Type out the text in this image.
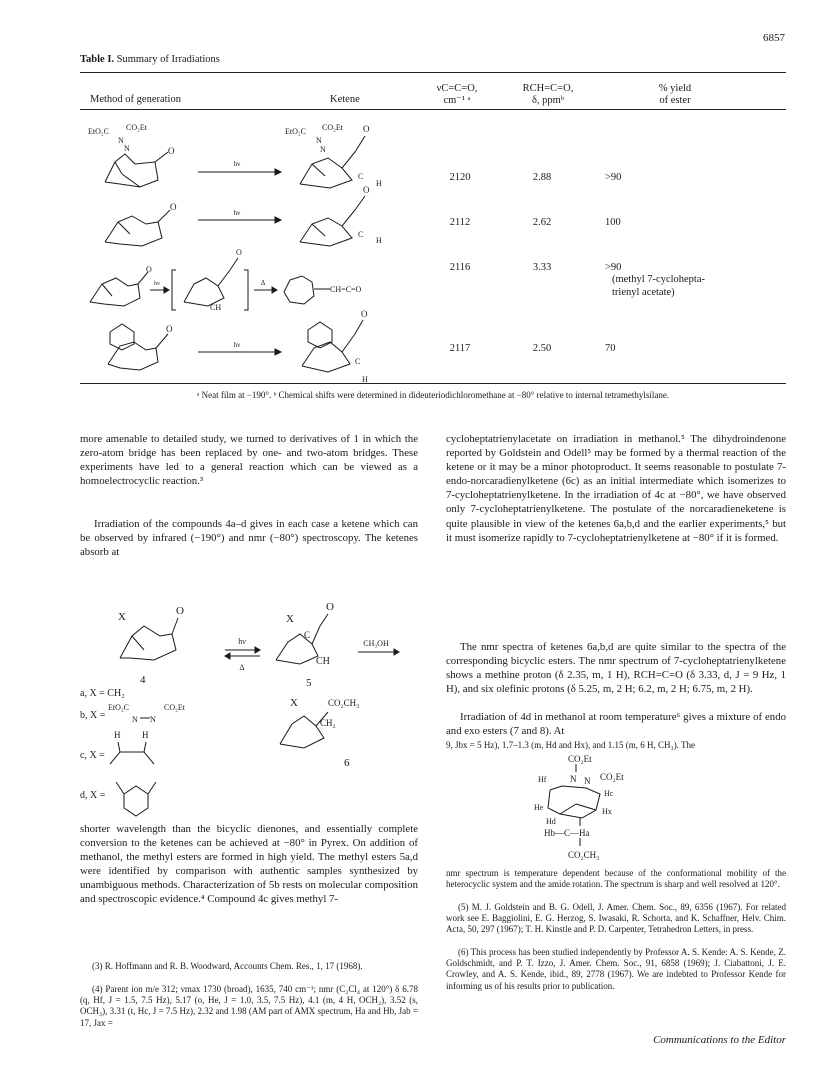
6857
Table I. Summary of Irradiations
Method of generation	Ketene
νC=C=O,
cm⁻¹ ᵃ
RCH=C=O,
δ, ppmᵇ
% yield
of ester
EtO₂C CO₂Et
N
N	O
hν
EtO₂C CO₂Et
N
N
O
C
H
O
hν
O
C
H
O
hν
O
CH
Δ
CH=C=O
O
hν
O
C
H
2120	2.88	>90
2112	2.62	100
2116	3.33	>90
(methyl 7-cyclohepta-
trienyl acetate)
2117	2.50	70
ᵃ Neat film at −190°. ᵇ Chemical shifts were determined in dideuteriodichloromethane at −80° relative to internal tetramethylsilane.
more amenable to detailed study, we turned to derivatives of 1 in which the zero-atom bridge has been replaced by one- and two-atom bridges. These experiments have led to a general reaction which can be viewed as a homoelectrocyclic reaction.³
Irradiation of the compounds 4a–d gives in each case a ketene which can be observed by infrared (−190°) and nmr (−80°) spectroscopy. The ketenes absorb at
X	O
4
hν
Δ
X
O
C
CH
5
CH₃OH
X	CO₂CH₃
CH₂
6
a, X = CH₂
b, X =
EtO₂C
N N
CO₂Et
c, X =
H H
d, X =
shorter wavelength than the bicyclic dienones, and essentially complete conversion to the ketenes can be achieved at −80° in Pyrex. On addition of methanol, the methyl esters are formed in high yield. The methyl esters 5a,d were identified by comparison with authentic samples synthesized by unambiguous methods. Characterization of 5b rests on molecular composition and spectroscopic evidence.⁴ Compound 4c gives methyl 7-
(3) R. Hoffmann and R. B. Woodward, Accounts Chem. Res., 1, 17 (1968).
(4) Parent ion m/e 312; νmax 1730 (broad), 1635, 740 cm⁻¹; nmr (C₂Cl₄ at 120°) δ 6.78 (q, Hf, J = 1.5, 7.5 Hz), 5.17 (o, He, J = 1.0, 3.5, 7.5 Hz), 4.1 (m, 4 H, OCH₂), 3.52 (s, OCH₃), 3.31 (t, Hc, J = 7.5 Hz), 2.32 and 1.98 (AM part of AMX spectrum, Ha and Hb, Jab = 17, Jax =
cycloheptatrienylacetate on irradiation in methanol.⁵ The dihydroindenone reported by Goldstein and Odell⁵ may be formed by a thermal reaction of the ketene or it may be a minor photoproduct. It seems reasonable to postulate 7-endo-norcaradienylketene (6c) as an initial intermediate which isomerizes to 7-cycloheptatrienylketene. In the irradiation of 4c at −80°, we have observed only 7-cycloheptatrienylketene. The postulate of the norcaradieneketene is quite plausible in view of the ketenes 6a,b,d and the earlier experiments,⁵ but it must isomerize rapidly to 7-cycloheptatrienylketene at −80° if it is formed.
The nmr spectra of ketenes 6a,b,d are quite similar to the spectra of the corresponding bicyclic esters. The nmr spectrum of 7-cycloheptatrienylketene shows a methine proton (δ 2.35, m, 1 H), RCH=C=O (δ 3.33, d, J = 9 Hz, 1 H), and six olefinic protons (δ 5.25, m, 2 H; 6.2, m, 2 H; 6.75, m, 2 H).
Irradiation of 4d in methanol at room temperature⁶ gives a mixture of endo and exo esters (7 and 8). At
9, Jbx = 5 Hz), 1.7–1.3 (m, Hd and Hx), and 1.15 (m, 6 H, CH₃). The
CO₂Et
Hf	N N CO₂Et
Hc
He	Hx
Hd
Hb—C—Ha
CO₂CH₃
nmr spectrum is temperature dependent because of the conformational mobility of the heterocyclic system and the amide rotation. The spectrum is sharp and well resolved at 120°.
(5) M. J. Goldstein and B. G. Odell, J. Amer. Chem. Soc., 89, 6356 (1967). For related work see E. Baggiolini, E. G. Herzog, S. Iwasaki, R. Schorta, and K. Schaffner, Helv. Chim. Acta, 50, 297 (1967); T. H. Kinstle and P. D. Carpenter, Tetrahedron Letters, in press.
(6) This process has been studied independently by Professor A. S. Kende: A. S. Kende, Z. Goldschmidt, and P. T. Izzo, J. Amer. Chem. Soc., 91, 6858 (1969); J. Ciabattoni, J. E. Crowley, and A. S. Kende, ibid., 89, 2778 (1967). We are indebted to Professor Kende for informing us of his results prior to publication.
Communications to the Editor
